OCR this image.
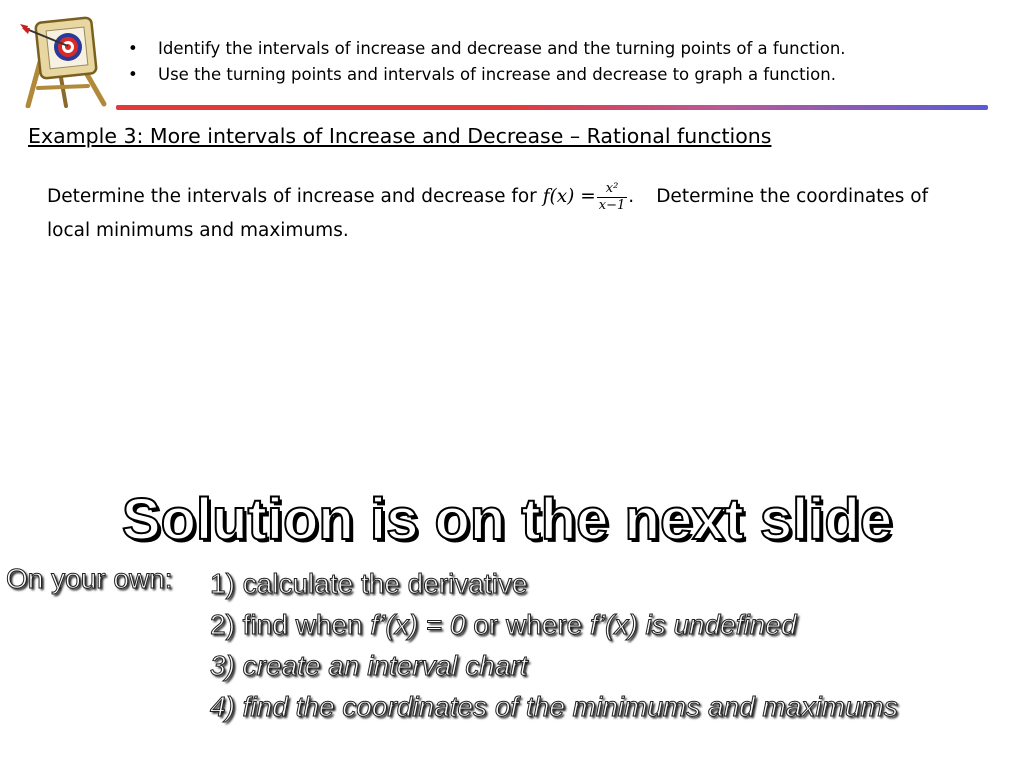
• Identify the intervals of increase and decrease and the turning points of a function.
• Use the turning points and intervals of increase and decrease to graph a function.
Example 3: More intervals of Increase and Decrease – Rational functions
Determine the intervals of increase and decrease for $f(x) = \frac{\text{x²}}{x-1}$ . Determine the coordinates of local minimums and maximums.
Solution is on the next slide
On your own: 1) calculate the derivative
2) find when f’(x) = 0 or where f’(x) is undefined
3) create an interval chart
4) find the coordinates of the minimums and maximums
